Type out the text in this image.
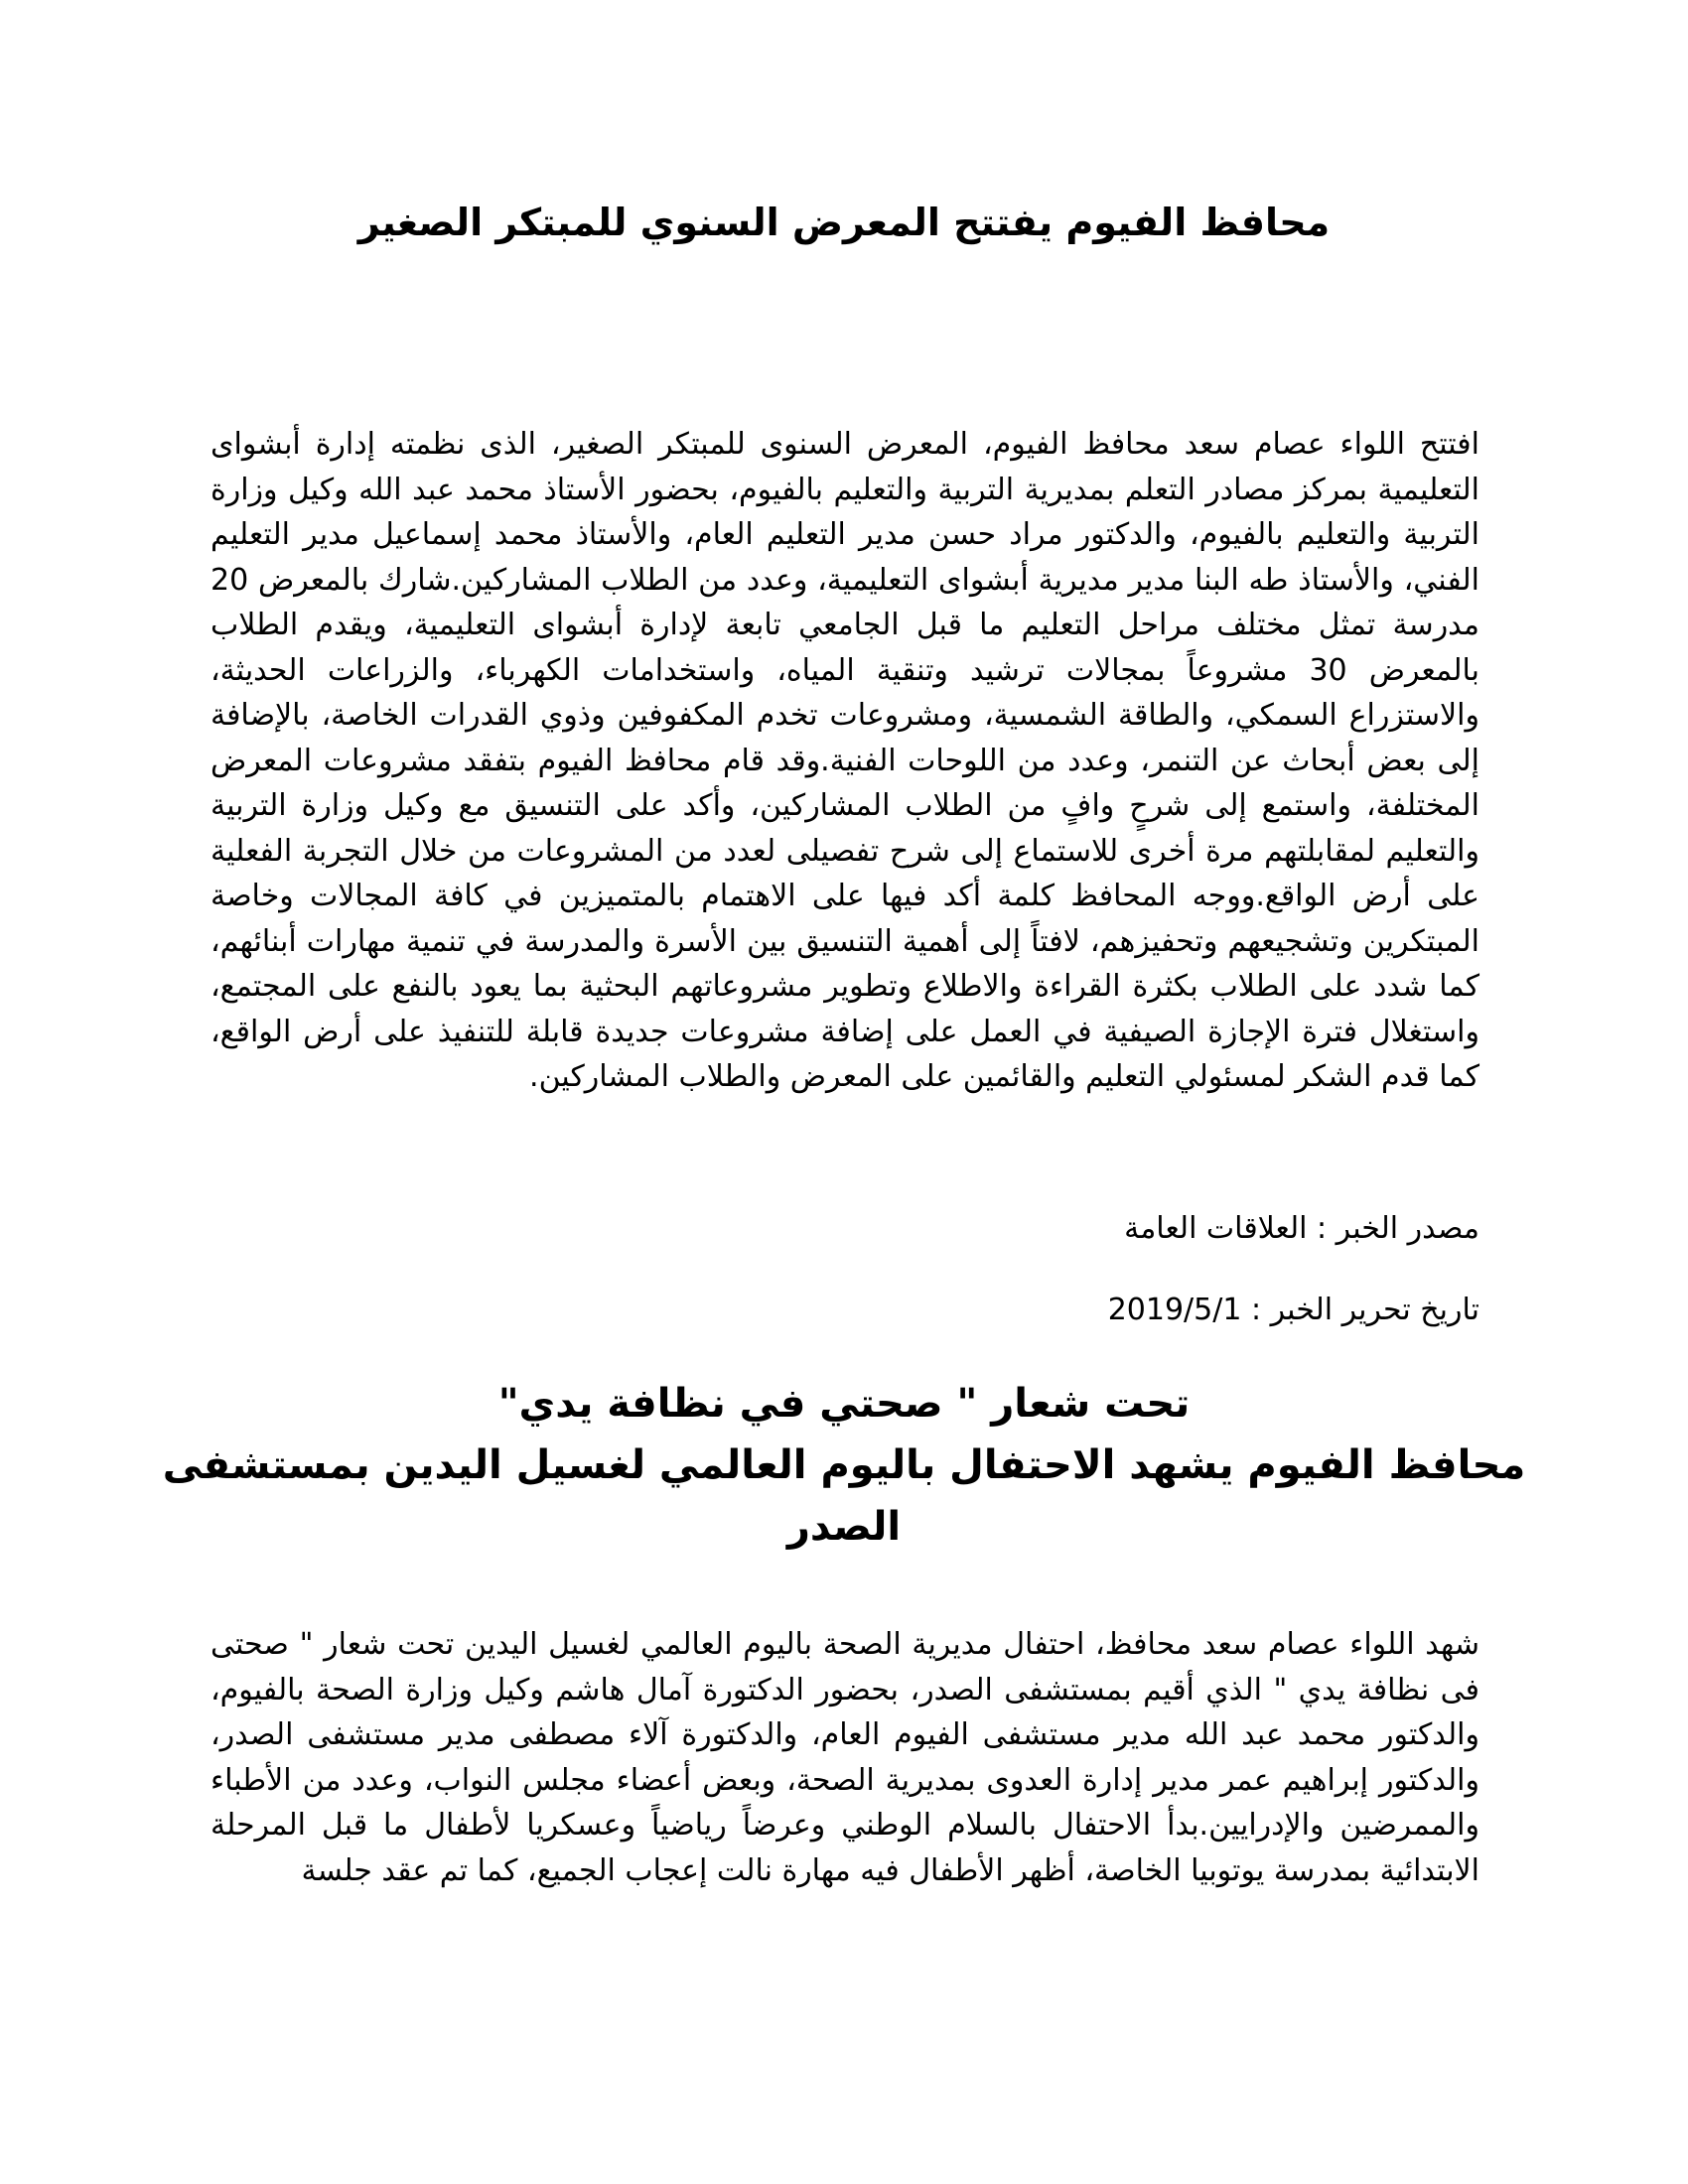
محافظ الفيوم يفتتح المعرض السنوي للمبتكر الصغير

افتتح اللواء عصام سعد محافظ الفيوم، المعرض السنوى للمبتكر الصغير، الذى نظمته إدارة أبشواى التعليمية بمركز مصادر التعلم بمديرية التربية والتعليم بالفيوم، بحضور الأستاذ محمد عبد الله وكيل وزارة التربية والتعليم بالفيوم، والدكتور مراد حسن مدير التعليم العام، والأستاذ محمد إسماعيل مدير التعليم الفني، والأستاذ طه البنا مدير مديرية أبشواى التعليمية، وعدد من الطلاب المشاركين.شارك بالمعرض 20 مدرسة تمثل مختلف مراحل التعليم ما قبل الجامعي تابعة لإدارة أبشواى التعليمية، ويقدم الطلاب بالمعرض 30 مشروعاً بمجالات ترشيد وتنقية المياه، واستخدامات الكهرباء، والزراعات الحديثة، والاستزراع السمكي، والطاقة الشمسية، ومشروعات تخدم المكفوفين وذوي القدرات الخاصة، بالإضافة إلى بعض أبحاث عن التنمر، وعدد من اللوحات الفنية.وقد قام محافظ الفيوم بتفقد مشروعات المعرض المختلفة، واستمع إلى شرحٍ وافٍ من الطلاب المشاركين، وأكد على التنسيق مع وكيل وزارة التربية والتعليم لمقابلتهم مرة أخرى للاستماع إلى شرح تفصيلى لعدد من المشروعات من خلال التجربة الفعلية على أرض الواقع.ووجه المحافظ كلمة أكد فيها على الاهتمام بالمتميزين في كافة المجالات وخاصة المبتكرين وتشجيعهم وتحفيزهم، لافتاً إلى أهمية التنسيق بين الأسرة والمدرسة في تنمية مهارات أبنائهم، كما شدد على الطلاب بكثرة القراءة والاطلاع وتطوير مشروعاتهم البحثية بما يعود بالنفع على المجتمع، واستغلال فترة الإجازة الصيفية في العمل على إضافة مشروعات جديدة قابلة للتنفيذ على أرض الواقع، كما قدم الشكر لمسئولي التعليم والقائمين على المعرض والطلاب المشاركين.

مصدر الخبر : العلاقات العامة

تاريخ تحرير الخبر : 2019/5/1

تحت شعار " صحتي في نظافة يدي"
محافظ الفيوم يشهد الاحتفال باليوم العالمي لغسيل اليدين بمستشفى الصدر

شهد اللواء عصام سعد محافظ، احتفال مديرية الصحة باليوم العالمي لغسيل اليدين تحت شعار " صحتى فى نظافة يدي " الذي أقيم بمستشفى الصدر، بحضور الدكتورة آمال هاشم وكيل وزارة الصحة بالفيوم، والدكتور محمد عبد الله مدير مستشفى الفيوم العام، والدكتورة آلاء مصطفى مدير مستشفى الصدر، والدكتور إبراهيم عمر مدير إدارة العدوى بمديرية الصحة، وبعض أعضاء مجلس النواب، وعدد من الأطباء والممرضين والإدرايين.بدأ الاحتفال بالسلام الوطني وعرضاً رياضياً وعسكريا لأطفال ما قبل المرحلة الابتدائية بمدرسة يوتوبيا الخاصة، أظهر الأطفال فيه مهارة نالت إعجاب الجميع، كما تم عقد جلسة
